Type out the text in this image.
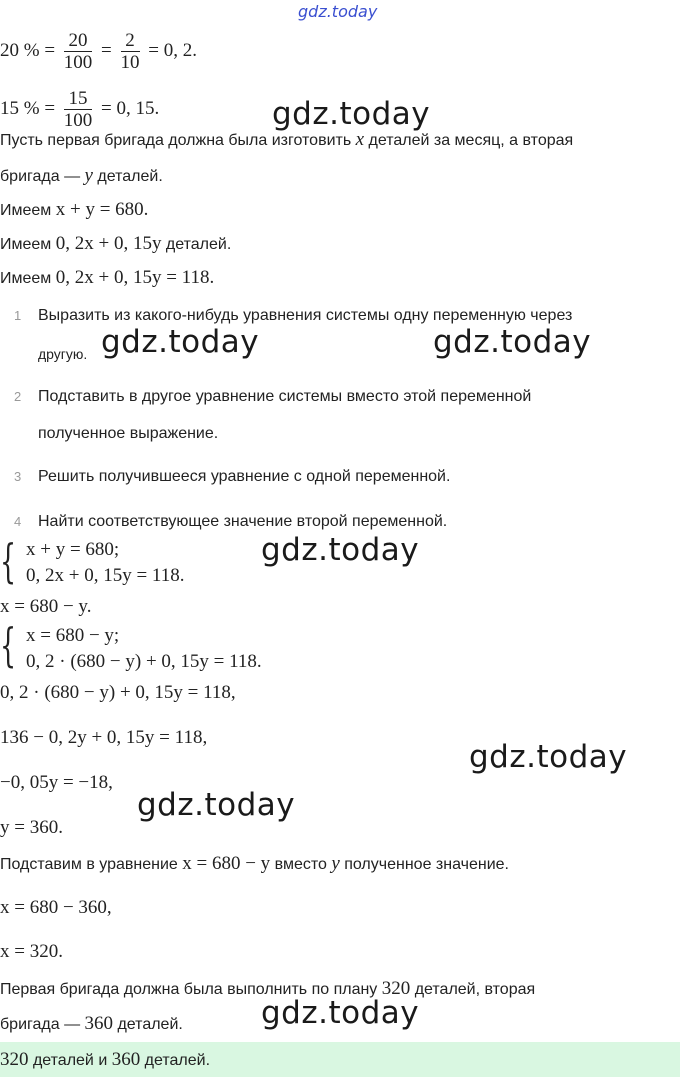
gdz.today
20 % = $\frac{20}{100} = \frac{2}{10} = 0$, 2.
15 % = $\frac{15}{100} = 0$, 15.
Пусть первая бригада должна была изготовить x деталей за месяц, а вторая
бригада — y деталей.
Имеем x + y = 680.
Имеем 0, 2x + 0, 15y деталей.
Имеем 0, 2x + 0, 15y = 118.
1 Выразить из какого-нибудь уравнения системы одну переменную через
другую.
2 Подставить в другое уравнение системы вместо этой переменной
полученное выражение.
3 Решить получившееся уравнение с одной переменной.
4 Найти соответствующее значение второй переменной.
{ x + y = 680;
0, 2x + 0, 15y = 118.
x = 680 − y.
{ x = 680 − y;
0, 2 · (680 − y) + 0, 15y = 118.
0, 2 · (680 − y) + 0, 15y = 118,
136 − 0, 2y + 0, 15y = 118,
−0, 05y = −18,
y = 360.
Подставим в уравнение x = 680 − y вместо y полученное значение.
x = 680 − 360,
x = 320.
Первая бригада должна была выполнить по плану 320 деталей, вторая
бригада — 360 деталей.
320 деталей и 360 деталей.
gdz.today
gdz.today	gdz.today
gdz.today
gdz.today
gdz.today
gdz.today
